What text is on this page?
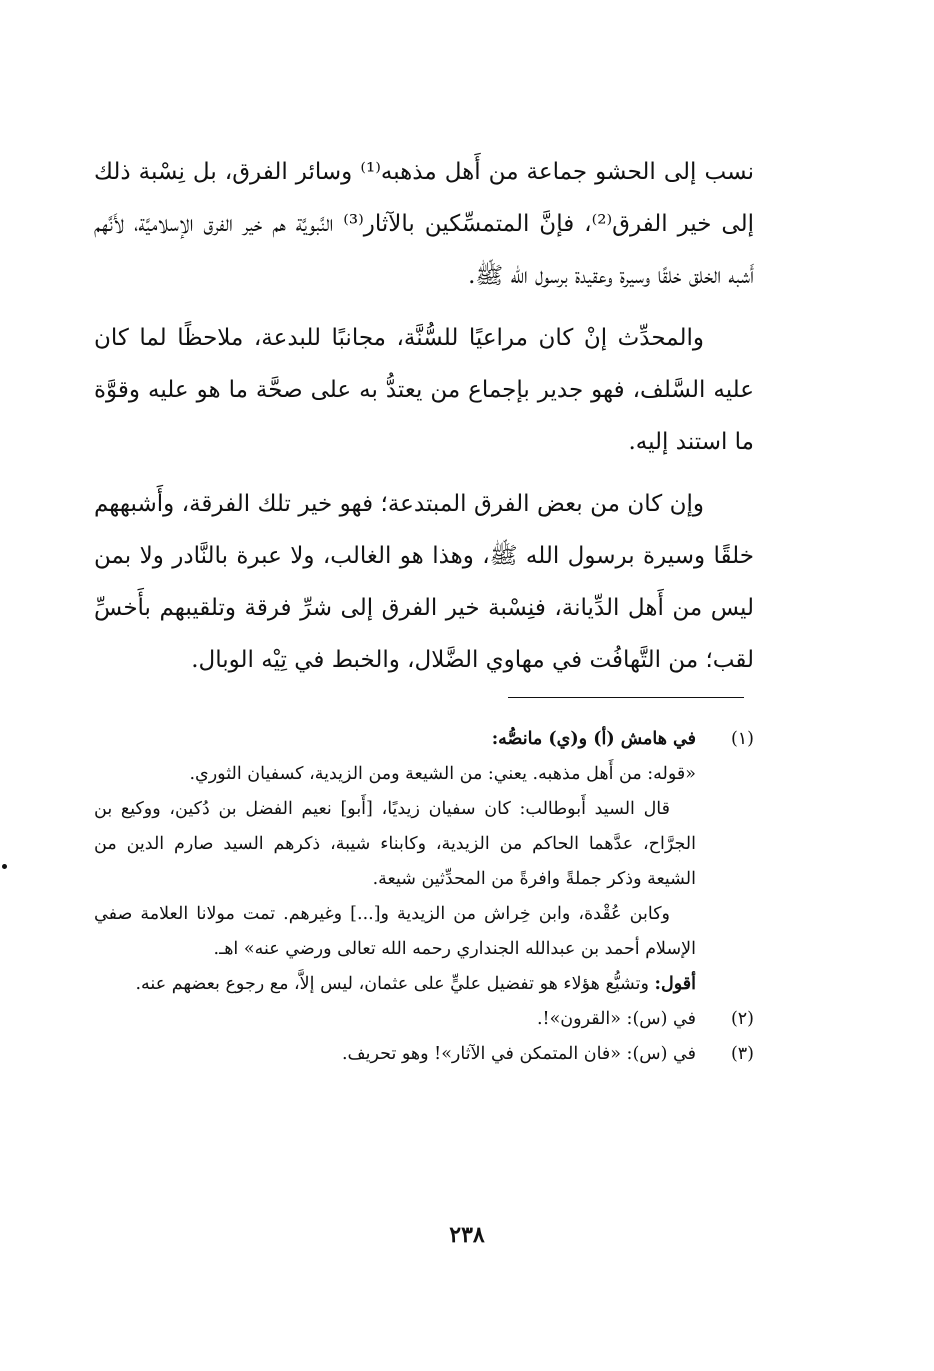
نسب إلى الحشو جماعة من أَهل مذهبه⁽¹⁾ وسائر الفرق، بل نِسْبة ذلك إلى خير الفرق⁽²⁾، فإنَّ المتمسِّكين بالآثار⁽³⁾ النَّبويَّة هم خير الفرق الإسلاميَّة، لأَنَّهم أَشبه الخلق خلقًا وسيرة وعقيدة برسول الله ﷺ.

والمحدِّث إنْ كان مراعيًا للسُّنَّة، مجانبًا للبدعة، ملاحظًا لما كان عليه السَّلف، فهو جدير بإجماع من يعتدُّ به على صحَّة ما هو عليه وقوَّة ما استند إليه.

وإن كان من بعض الفرق المبتدعة؛ فهو خير تلك الفرقة، وأَشبههم خلقًا وسيرة برسول الله ﷺ، وهذا هو الغالب، ولا عبرة بالنَّادر ولا بمن ليس من أَهل الدِّيانة، فنِسْبة خير الفرق إلى شرِّ فرقة وتلقيبهم بأَخسِّ لقب؛ من التَّهافُت في مهاوي الضَّلال، والخبط في تِيْه الوبال.

(١)

في هامش (أ) و(ي) مانصُّه:

«قوله: من أَهل مذهبه. يعني: من الشيعة ومن الزيدية، كسفيان الثوري.

قال السيد أَبوطالب: كان سفيان زيديًا، [أَبو] نعيم الفضل بن دُكين، ووكيع بن الجرَّاح، عدَّهما الحاكم من الزيدية، وكابناء شيبة، ذكرهم السيد صارم الدين من الشيعة وذكر جملةً وافرةً من المحدِّثين شيعة.

وكابن عُقْدة، وابن خِراش من الزيدية و[...] وغيرهم. تمت مولانا العلامة صفي الإسلام أحمد بن عبدالله الجنداري رحمه الله تعالى ورضي عنه» اهـ.

أقول: وتشيُّع هؤلاء هو تفضيل عليٍّ على عثمان، ليس إلاَّ، مع رجوع بعضهم عنه.

(٢)
في (س): «القرون»!.
(٣)
في (س): «فان المتمكن في الآثار»! وهو تحريف.
٢٣٨
